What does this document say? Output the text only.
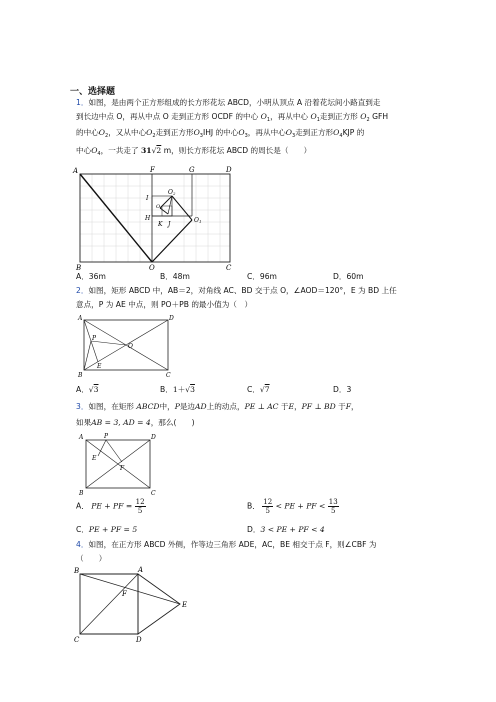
一、选择题
1．如图，是由两个正方形组成的长方形花坛 ABCD，小明从顶点 A 沿着花坛间小路直到走
到长边中点 O，再从中点 O 走到正方形 OCDF 的中心 $O_1$，再从中心 $O_1$走到正方形 $O_2$ GFH
的中心$O_2$，又从中心$O_2$走到正方形$O_3IHJ$ 的中心$O_3$，再从中心$O_3$走到正方形$O_4KJP$ 的
中心$O_4$，一共走了 31√2 m，则长方形花坛 ABCD 的周长是（　　）
A	F	G	D
I
H
K J
O 2
O 1
O 3
B	O	C
A．36m	B．48m	C．96m	D．60m
2．如图，矩形 ABCD 中，AB＝2，对角线 AC、BD 交于点 O，∠AOD＝120°，E 为 BD 上任
意点，P 为 AE 中点，则 PO＋PB 的最小值为（　）
A	D
P
O
E
B	C
A．√3	B．1＋√3	C．√7	D．3
3．如图，在矩形 ABCD中，P是边AD上的动点，PE ⊥ AC 于E，PF ⊥ BD 于F，
如果AB = 3, AD = 4，那么(　　)
A	P	D
E
F
B	C
A． PE + PF = $\frac{12}{5}$	B． $\frac{12}{5}$ < PE + PF < $\frac{13}{5}$
C．PE + PF = 5	D．3 < PE + PF < 4
4．如图，在正方形 ABCD 外侧，作等边三角形 ADE，AC，BE 相交于点 F，则∠CBF 为
（　　）
B	A
F
E
C	D
